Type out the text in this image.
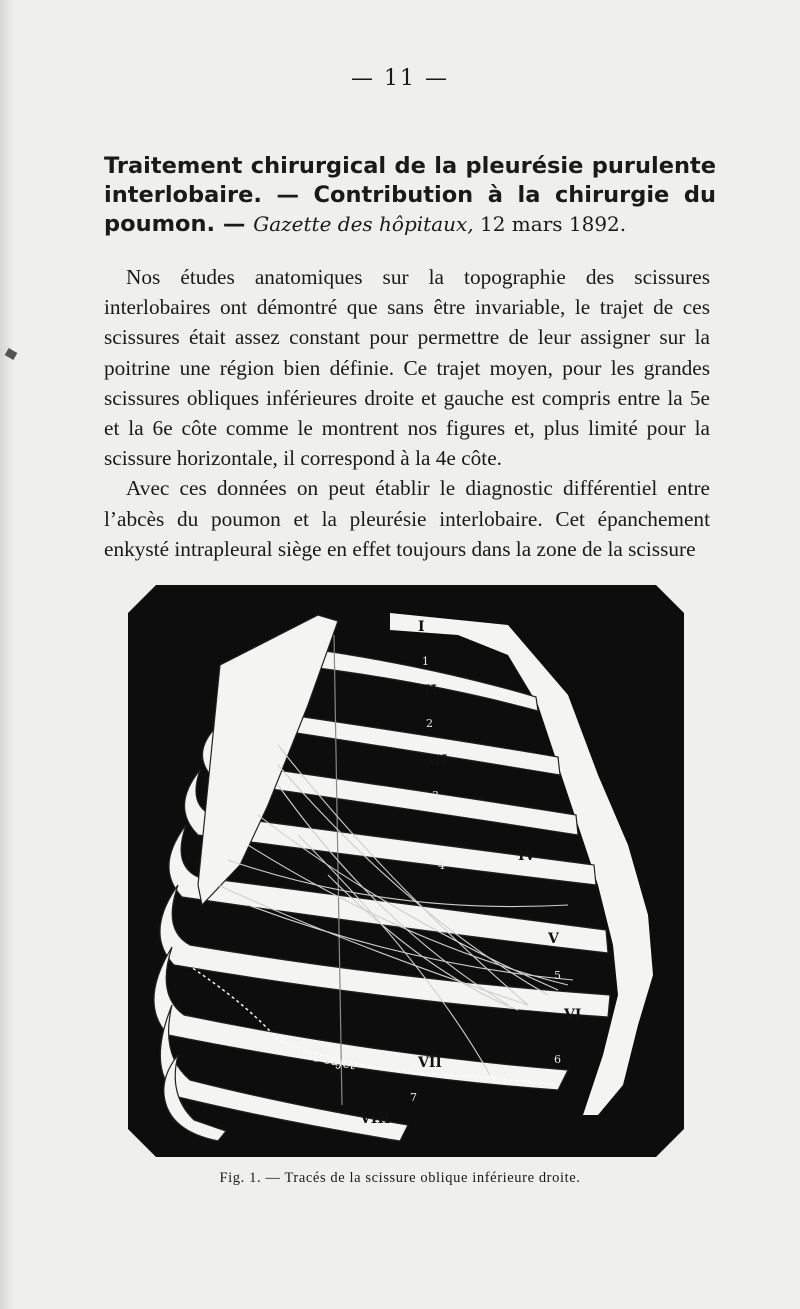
— 11 —
Traitement chirurgical de la pleurésie purulente interlobaire. — Contribution à la chirurgie du poumon. — Gazette des hôpitaux, 12 mars 1892.

Nos études anatomiques sur la topographie des scissures interlobaires ont démontré que sans être invariable, le trajet de ces scissures était assez constant pour permettre de leur assigner sur la poitrine une région bien définie. Ce trajet moyen, pour les grandes scissures obliques inférieures droite et gauche est compris entre la 5e et la 6e côte comme le montrent nos figures et, plus limité pour la scissure horizontale, il correspond à la 4e côte.

Avec ces données on peut établir le diagnostic différentiel entre l’abcès du poumon et la pleurésie interlobaire. Cet épanchement enkysté intrapleural siège en effet toujours dans la zone de la scissure

I
II
III
IV
V
VI
VII
VIII
1
2
3
4
5
6
7
12e sujet
Fig. 1. — Tracés de la scissure oblique inférieure droite.
